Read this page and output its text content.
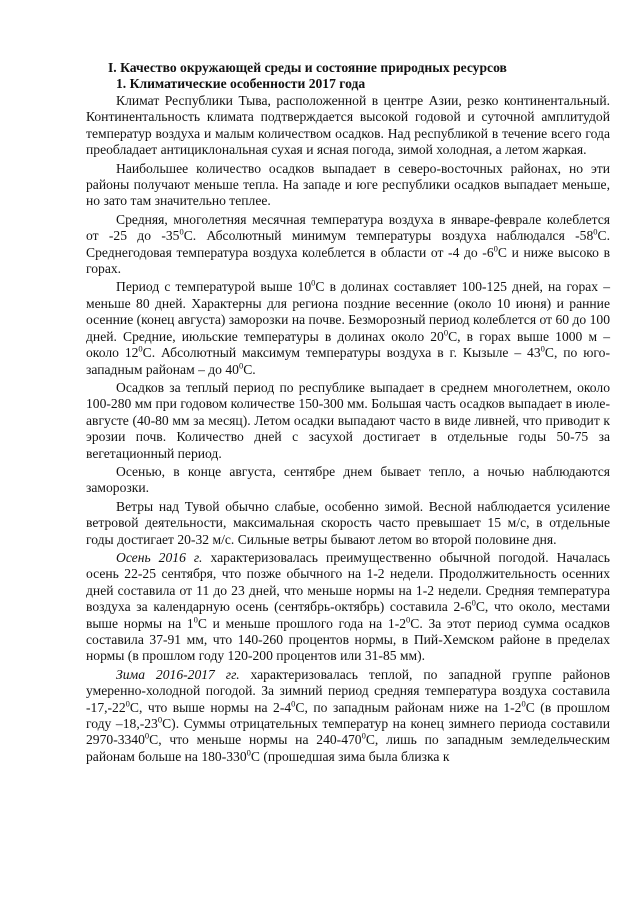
I. Качество окружающей среды и состояние природных ресурсов
1. Климатические особенности 2017 года

Климат Республики Тыва, расположенной в центре Азии, резко континентальный. Континентальность климата подтверждается высокой годовой и суточной амплитудой температур воздуха и малым количеством осадков. Над республикой в течение всего года преобладает антициклональная сухая и ясная погода, зимой холодная, а летом жаркая.

Наибольшее количество осадков выпадает в северо-восточных районах, но эти районы получают меньше тепла. На западе и юге республики осадков выпадает меньше, но зато там значительно теплее.

Средняя, многолетняя месячная температура воздуха в январе-феврале колеблется от -25 до $-35^0С$. Абсолютный минимум температуры воздуха наблюдался $-58^0С$. Среднегодовая температура воздуха колеблется в области от -4 до $-6^0С$ и ниже высоко в горах.

Период с температурой выше $10^0С$ в долинах составляет 100-125 дней, на горах – меньше 80 дней. Характерны для региона поздние весенние (около 10 июня) и ранние осенние (конец августа) заморозки на почве. Безморозный период колеблется от 60 до 100 дней. Средние, июльские температуры в долинах около $20^0С$, в горах выше 1000 м – около $12^0С$. Абсолютный максимум температуры воздуха в г. Кызыле – $43^0С$, по юго-западным районам – до $40^0С$.

Осадков за теплый период по республике выпадает в среднем многолетнем, около 100-280 мм при годовом количестве 150-300 мм. Большая часть осадков выпадает в июле-августе (40-80 мм за месяц). Летом осадки выпадают часто в виде ливней, что приводит к эрозии почв. Количество дней с засухой достигает в отдельные годы 50-75 за вегетационный период.

Осенью, в конце августа, сентябре днем бывает тепло, а ночью наблюдаются заморозки.

Ветры над Тувой обычно слабые, особенно зимой. Весной наблюдается усиление ветровой деятельности, максимальная скорость часто превышает 15 м/с, в отдельные годы достигает 20-32 м/с. Сильные ветры бывают летом во второй половине дня.

Осень 2016 г. характеризовалась преимущественно обычной погодой. Началась осень 22-25 сентября, что позже обычного на 1-2 недели. Продолжительность осенних дней составила от 11 до 23 дней, что меньше нормы на 1-2 недели. Средняя температура воздуха за календарную осень (сентябрь-октябрь) составила $2-6^0С$, что около, местами выше нормы на $1^0С$ и меньше прошлого года на $1-2^0С$. За этот период сумма осадков составила 37-91 мм, что 140-260 процентов нормы, в Пий-Хемском районе в пределах нормы (в прошлом году 120-200 процентов или 31-85 мм).

Зима 2016-2017 гг. характеризовалась теплой, по западной группе районов умеренно-холодной погодой. За зимний период средняя температура воздуха составила $-17,-22^0С$, что выше нормы на $2-4^0С$, по западным районам ниже на $1-2^0С$ (в прошлом году $-18,-23^0С$). Суммы отрицательных температур на конец зимнего периода составили 2970-3340$^0$С, что меньше нормы на $240-470^0С$, лишь по западным земледельческим районам больше на $180-330^0С$ (прошедшая зима была близка к
